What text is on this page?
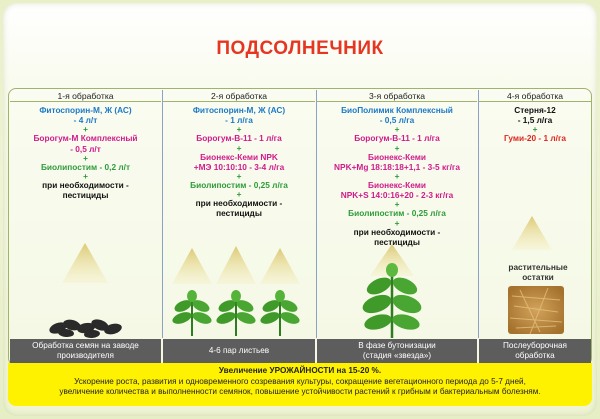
ПОДСОЛНЕЧНИК
1-я обработка
Фитоспорин-М, Ж (АС)
- 4 л/т
+
Борогум-М Комплексный
- 0,5 л/т
+
Биолипостим - 0,2 л/т
+
при необходимости -
пестициды
2-я обработка
Фитоспорин-М, Ж (АС)
- 1 л/га
+
Борогум-В-11 - 1 л/га
+
Бионекс-Кеми NPK
+МЭ 10:10:10 - 3-4 л/га
+
Биолипостим - 0,25 л/га
+
при необходимости -
пестициды
3-я обработка
БиоПолимик Комплексный
- 0,5 л/га
+
Борогум-В-11 - 1 л/га
+
Бионекс-Кеми
NPK+Mg 18:18:18+1,1 - 3-5 кг/га
+
Бионекс-Кеми
NPK+S 14:0:16+20 - 2-3 кг/га
+
Биолипостим - 0,25 л/га
+
при необходимости -
пестициды
4-я обработка
Стерня-12
- 1,5 л/га
+
Гуми-20 - 1 л/га
растительные
остатки
Обработка семян на заводе
производителя
4-6 пар листьев
В фазе бутонизации
(стадия «звезда»)
Послеуборочная
обработка
Увеличение УРОЖАЙНОСТИ на 15-20 %.
Ускорение роста, развития и одновременного созревания культуры, сокращение вегетационного периода до 5-7 дней,
увеличение количества и выполненности семянок, повышение устойчивости растений к грибным и бактериальным болезням.
